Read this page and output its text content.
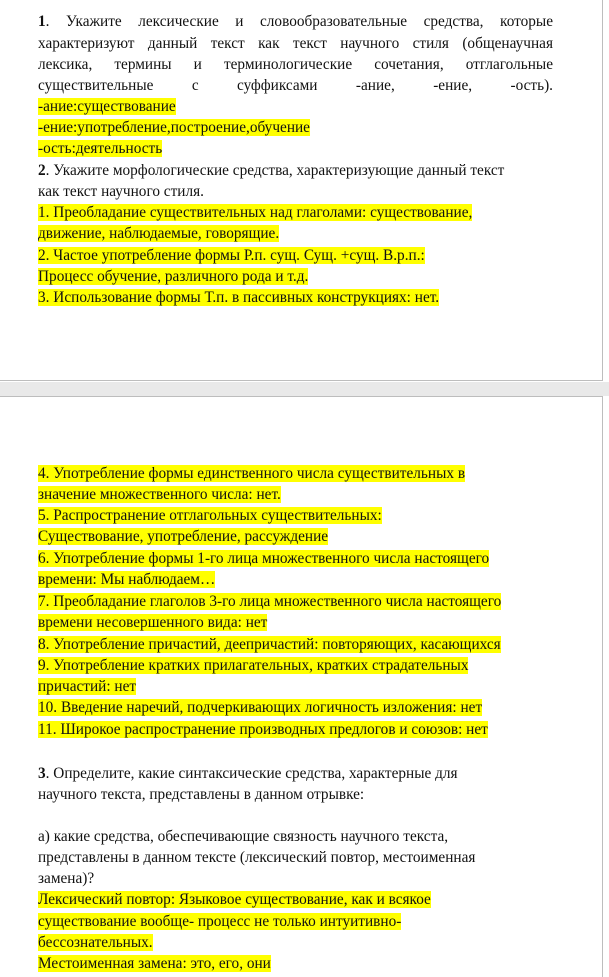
1. Укажите лексические и словообразовательные средства, которые
характеризуют данный текст как текст научного стиля (общенаучная
лексика, термины и терминологические сочетания, отглагольные
существительные с суффиксами -ание, -ение, -ость).
-ание:существование
-ение:употребление,построение,обучение
-ость:деятельность
2. Укажите морфологические средства, характеризующие данный текст
как текст научного стиля.
1. Преобладание существительных над глаголами: существование,
движение, наблюдаемые, говорящие.
2. Частое употребление формы Р.п. сущ. Сущ. +сущ. В.р.п.:
Процесс обучение, различного рода и т.д.
3. Использование формы Т.п. в пассивных конструкциях: нет.
4. Употребление формы единственного числа существительных в
значение множественного числа: нет.
5. Распространение отглагольных существительных:
Существование, употребление, рассуждение
6. Употребление формы 1-го лица множественного числа настоящего
времени: Мы наблюдаем…
7. Преобладание глаголов 3-го лица множественного числа настоящего
времени несовершенного вида: нет
8. Употребление причастий, деепричастий: повторяющих, касающихся
9. Употребление кратких прилагательных, кратких страдательных
причастий: нет
10. Введение наречий, подчеркивающих логичность изложения: нет
11. Широкое распространение производных предлогов и союзов: нет
3. Определите, какие синтаксические средства, характерные для
научного текста, представлены в данном отрывке:
а) какие средства, обеспечивающие связность научного текста,
представлены в данном тексте (лексический повтор, местоименная
замена)?
Лексический повтор: Языковое существование, как и всякое
существование вообще- процесс не только интуитивно-
бессознательных.
Местоименная замена: это, его, они
